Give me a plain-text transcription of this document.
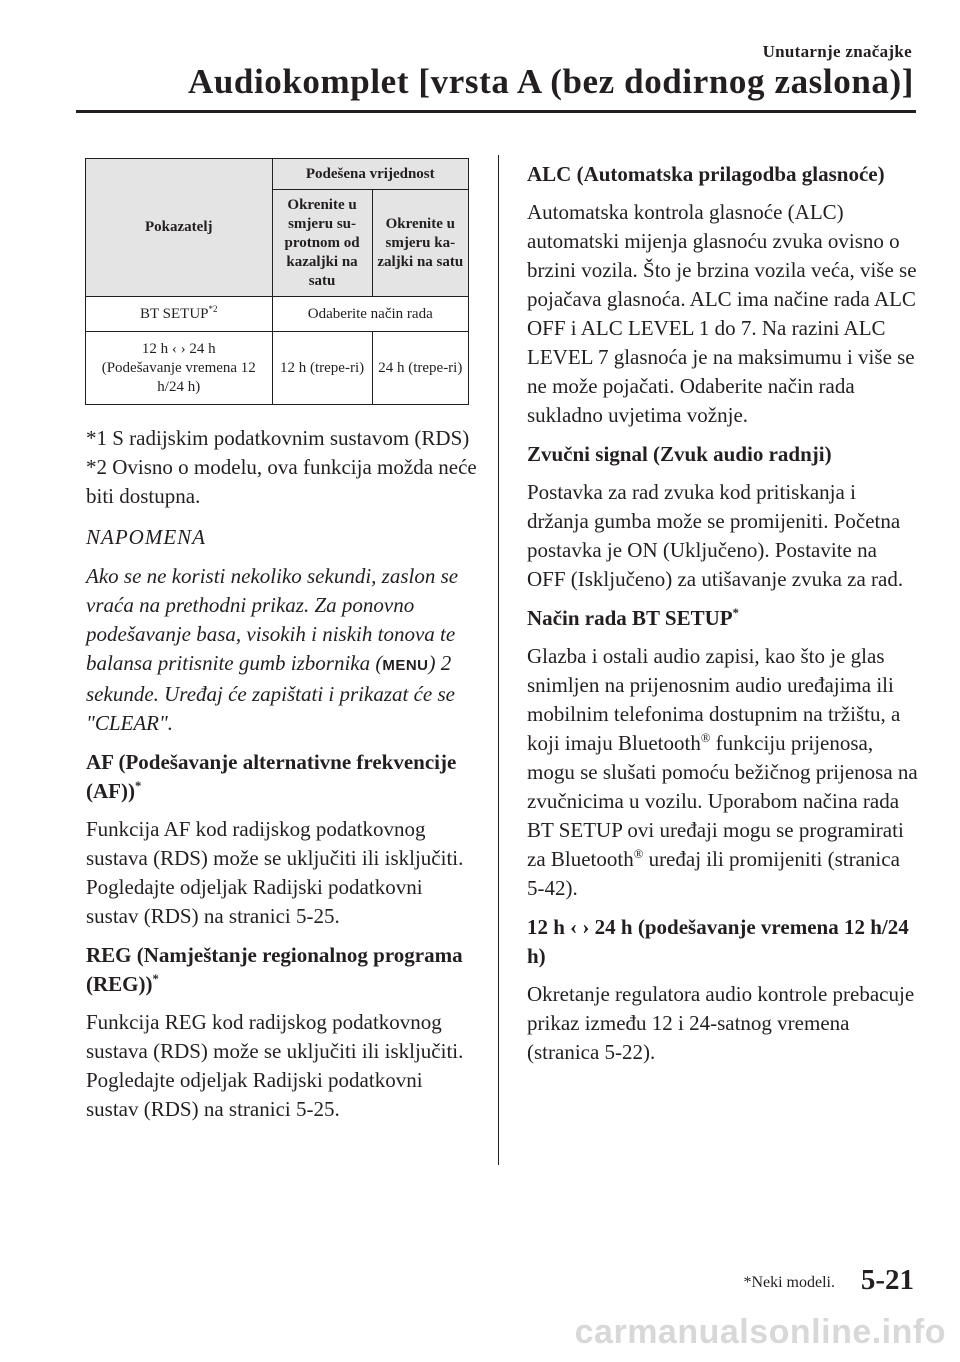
Unutarnje značajke
Audiokomplet [vrsta A (bez dodirnog zaslona)]
Pokazatelj	Podešena vrijednost	
	Okrenite u smjeru su-protnom od kazaljki na satu	Okrenite u smjeru ka-zaljki na satu
BT SETUP$^{*2}$	Odaberite način rada	

12 h ‹ › 24 h
(Podešavanje vremena 12 h/24 h)	12 h (trepe-ri)	24 h (trepe-ri)

*1 S radijskim podatkovnim sustavom (RDS)

*2 Ovisno o modelu, ova funkcija možda neće biti dostupna.

NAPOMENA

Ako se ne koristi nekoliko sekundi, zaslon se vraća na prethodni prikaz. Za ponovno podešavanje basa, visokih i niskih tonova te balansa pritisnite gumb izbornika (MENU) 2 sekunde. Uređaj će zapištati i prikazat će se "CLEAR".

AF (Podešavanje alternativne frekvencije (AF))*

Funkcija AF kod radijskog podatkovnog sustava (RDS) može se uključiti ili isključiti.

Pogledajte odjeljak Radijski podatkovni sustav (RDS) na stranici 5-25.

REG (Namještanje regionalnog programa (REG))*

Funkcija REG kod radijskog podatkovnog sustava (RDS) može se uključiti ili isključiti.

Pogledajte odjeljak Radijski podatkovni sustav (RDS) na stranici 5-25.

ALC (Automatska prilagodba glasnoće)

Automatska kontrola glasnoće (ALC) automatski mijenja glasnoću zvuka ovisno o brzini vozila. Što je brzina vozila veća, više se pojačava glasnoća. ALC ima načine rada ALC OFF i ALC LEVEL 1 do 7. Na razini ALC LEVEL 7 glasnoća je na maksimumu i više se ne može pojačati. Odaberite način rada sukladno uvjetima vožnje.

Zvučni signal (Zvuk audio radnji)

Postavka za rad zvuka kod pritiskanja i držanja gumba može se promijeniti. Početna postavka je ON (Uključeno). Postavite na OFF (Isključeno) za utišavanje zvuka za rad.

Način rada BT SETUP*

Glazba i ostali audio zapisi, kao što je glas snimljen na prijenosnim audio uređajima ili mobilnim telefonima dostupnim na tržištu, a koji imaju Bluetooth® funkciju prijenosa, mogu se slušati pomoću bežičnog prijenosa na zvučnicima u vozilu. Uporabom načina rada BT SETUP ovi uređaji mogu se programirati za Bluetooth® uređaj ili promijeniti (stranica 5-42).

12 h ‹ › 24 h (podešavanje vremena 12 h/24 h)

Okretanje regulatora audio kontrole prebacuje prikaz između 12 i 24-satnog vremena (stranica 5-22).

*Neki modeli. 5-21
carmanualsonline.info
